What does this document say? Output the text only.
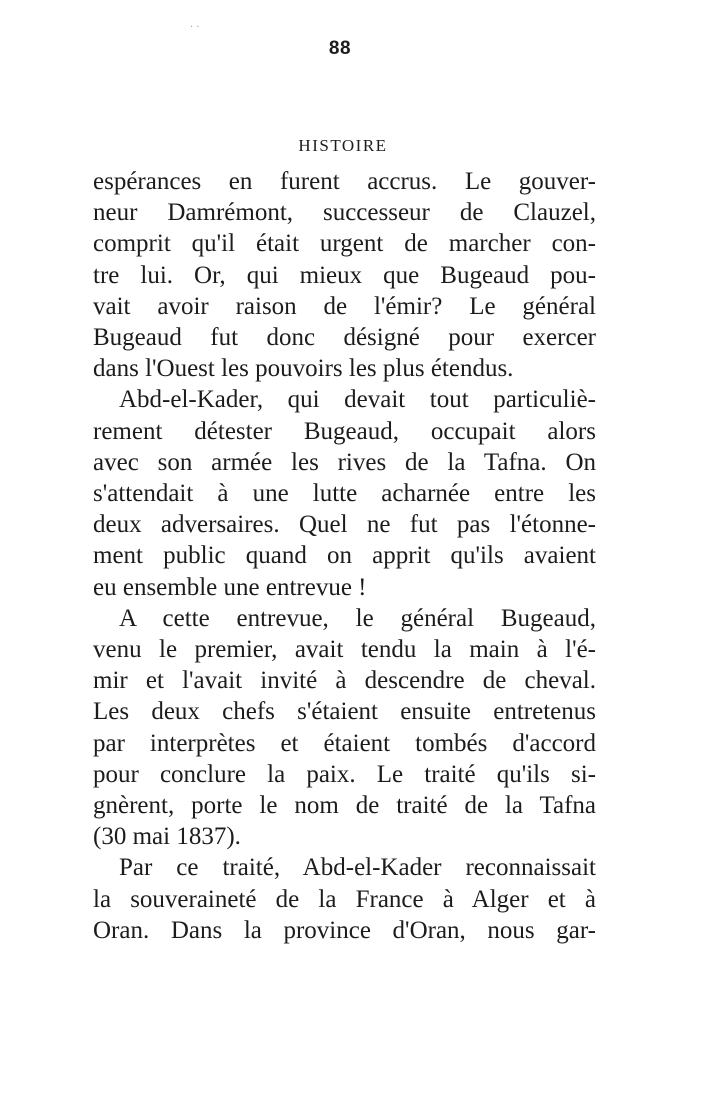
· ·
88
HISTOIRE

espérances en furent accrus. Le gouver-
neur Damrémont, successeur de Clauzel,
comprit qu'il était urgent de marcher con-
tre lui. Or, qui mieux que Bugeaud pou-
vait avoir raison de l'émir? Le général
Bugeaud fut donc désigné pour exercer
dans l'Ouest les pouvoirs les plus étendus.

Abd-el-Kader, qui devait tout particuliè-
rement détester Bugeaud, occupait alors
avec son armée les rives de la Tafna. On
s'attendait à une lutte acharnée entre les
deux adversaires. Quel ne fut pas l'étonne-
ment public quand on apprit qu'ils avaient
eu ensemble une entrevue !

A cette entrevue, le général Bugeaud,
venu le premier, avait tendu la main à l'é-
mir et l'avait invité à descendre de cheval.
Les deux chefs s'étaient ensuite entretenus
par interprètes et étaient tombés d'accord
pour conclure la paix. Le traité qu'ils si-
gnèrent, porte le nom de traité de la Tafna
(30 mai 1837).

Par ce traité, Abd-el-Kader reconnaissait
la souveraineté de la France à Alger et à
Oran. Dans la province d'Oran, nous gar-
